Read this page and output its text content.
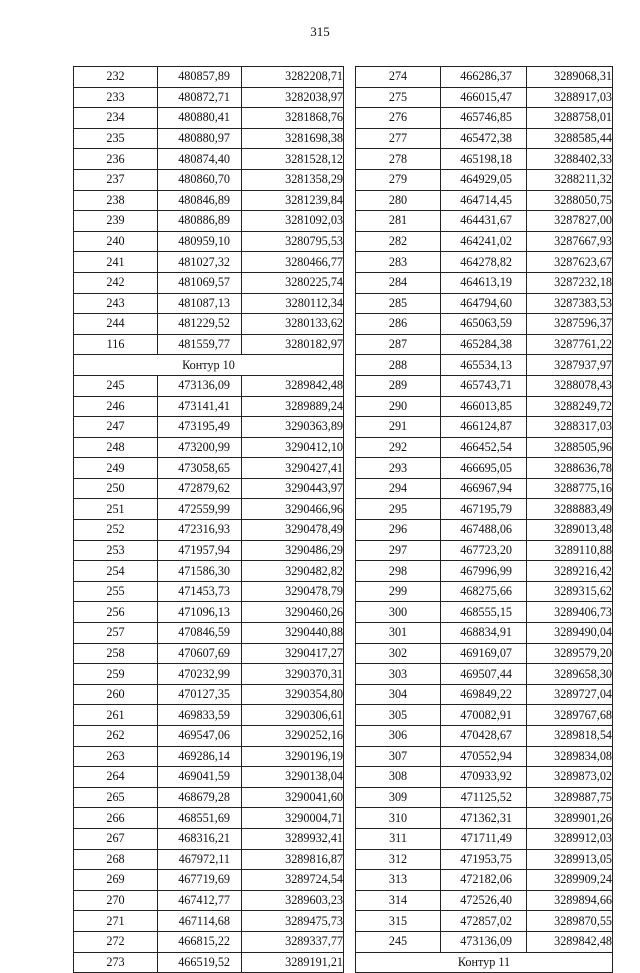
315
232	480857,89	3282208,71
233	480872,71	3282038,97
234	480880,41	3281868,76
235	480880,97	3281698,38
236	480874,40	3281528,12
237	480860,70	3281358,29
238	480846,89	3281239,84
239	480886,89	3281092,03
240	480959,10	3280795,53
241	481027,32	3280466,77
242	481069,57	3280225,74
243	481087,13	3280112,34
244	481229,52	3280133,62
116	481559,77	3280182,97
Контур 10		
245	473136,09	3289842,48
246	473141,41	3289889,24
247	473195,49	3290363,89
248	473200,99	3290412,10
249	473058,65	3290427,41
250	472879,62	3290443,97
251	472559,99	3290466,96
252	472316,93	3290478,49
253	471957,94	3290486,29
254	471586,30	3290482,82
255	471453,73	3290478,79
256	471096,13	3290460,26
257	470846,59	3290440,88
258	470607,69	3290417,27
259	470232,99	3290370,31
260	470127,35	3290354,80
261	469833,59	3290306,61
262	469547,06	3290252,16
263	469286,14	3290196,19
264	469041,59	3290138,04
265	468679,28	3290041,60
266	468551,69	3290004,71
267	468316,21	3289932,41
268	467972,11	3289816,87
269	467719,69	3289724,54
270	467412,77	3289603,23
271	467114,68	3289475,73
272	466815,22	3289337,77
273	466519,52	3289191,21
274	466286,37	3289068,31
275	466015,47	3288917,03
276	465746,85	3288758,01
277	465472,38	3288585,44
278	465198,18	3288402,33
279	464929,05	3288211,32
280	464714,45	3288050,75
281	464431,67	3287827,00
282	464241,02	3287667,93
283	464278,82	3287623,67
284	464613,19	3287232,18
285	464794,60	3287383,53
286	465063,59	3287596,37
287	465284,38	3287761,22
288	465534,13	3287937,97
289	465743,71	3288078,43
290	466013,85	3288249,72
291	466124,87	3288317,03
292	466452,54	3288505,96
293	466695,05	3288636,78
294	466967,94	3288775,16
295	467195,79	3288883,49
296	467488,06	3289013,48
297	467723,20	3289110,88
298	467996,99	3289216,42
299	468275,66	3289315,62
300	468555,15	3289406,73
301	468834,91	3289490,04
302	469169,07	3289579,20
303	469507,44	3289658,30
304	469849,22	3289727,04
305	470082,91	3289767,68
306	470428,67	3289818,54
307	470552,94	3289834,08
308	470933,92	3289873,02
309	471125,52	3289887,75
310	471362,31	3289901,26
311	471711,49	3289912,03
312	471953,75	3289913,05
313	472182,06	3289909,24
314	472526,40	3289894,66
315	472857,02	3289870,55
245	473136,09	3289842,48
Контур 11		
